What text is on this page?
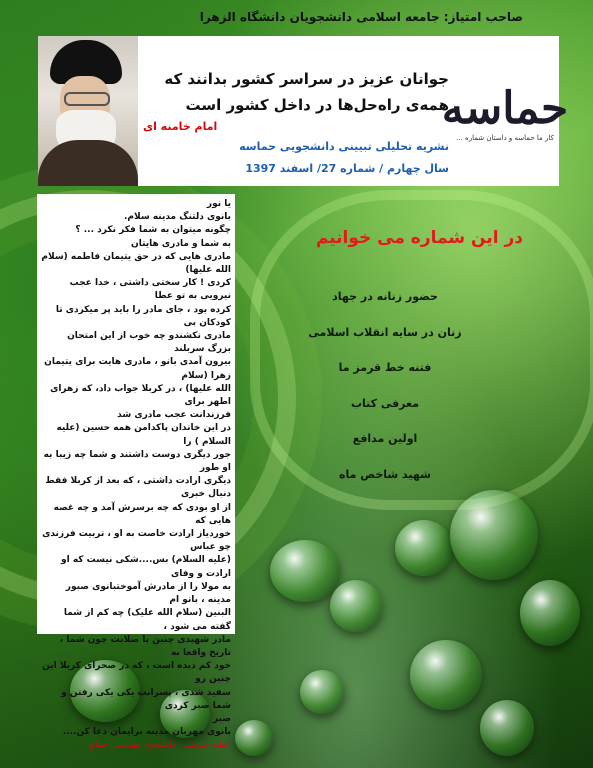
صاحب امتیاز: جامعه اسلامی دانشجویان دانشگاه الزهرا
امام خامنه ای
جوانان عزیز در سراسر کشور بدانند که
همه‌ی راه‌حل‌ها در داخل کشور است
حماسه
کار ما حماسه و داستان شماره ...
نشریه تحلیلی تبیینی دانشجویی حماسه
سال چهارم / شماره 27/ اسفند 1397

یا نور

بانوی دلتنگ مدینه سلام.

چگونه میتوان به شما فکر نکرد ... ؟

به شما و مادری هایتان

مادری هایی که در حق یتیمان فاطمه (سلام الله علیها)

کردی ! کار سختی داشتی ، خدا عجب نیرویی به تو عطا

کرده بود ، جای مادر را باید پر میکردی تا کودکان بی

مادری نکشندو چه خوب از این امتحان بزرگ سربلند

بیرون آمدی بانو ، مادری هایت برای یتیمان زهرا (سلام

الله علیها) ، در کربلا جواب داد، که زهرای اطهر برای

فرزندانت عجب مادری شد

در این خاندان پاکدامن همه حسین (علیه السلام ) را

جور دیگری دوست داشتند و شما چه زیبا به او طور

دیگری ارادت داشتی ، که بعد از کربلا فقط دنبال خبری

از او بودی که چه برسرش آمد و چه غصه هایی که

خوردیاز ارادت خاصت به او ، تربیت فرزندی چو عباس

(علیه السلام) بس....شکی نیست که او ارادت و وفای

به مولا را از مادرش آموختبانوی صبور مدینه ، بانو ام

البنین (سلام الله علیک) چه کم از شما گفته می شود ،

مادر شهیدی چنین با صلابت چون شما ، تاریخ واقعا به

خود کم دیده است ، که در صحرای کربلا این چنین رو

سفید شدی ، پسرانت یکی یکی رفتن و شما صبر کردی

صبر

بانوی مهربان مدینه برایمان دعا کن....

عطیه شریفی ، دانشجوی مهندسی صنایع

در این شماره می خوانیم
حضور زنانه در جهاد
زنان در سایه انقلاب اسلامی
فتنه خط قرمز ما
معرفی کتاب
اولین مدافع
شهید شاخص ماه
